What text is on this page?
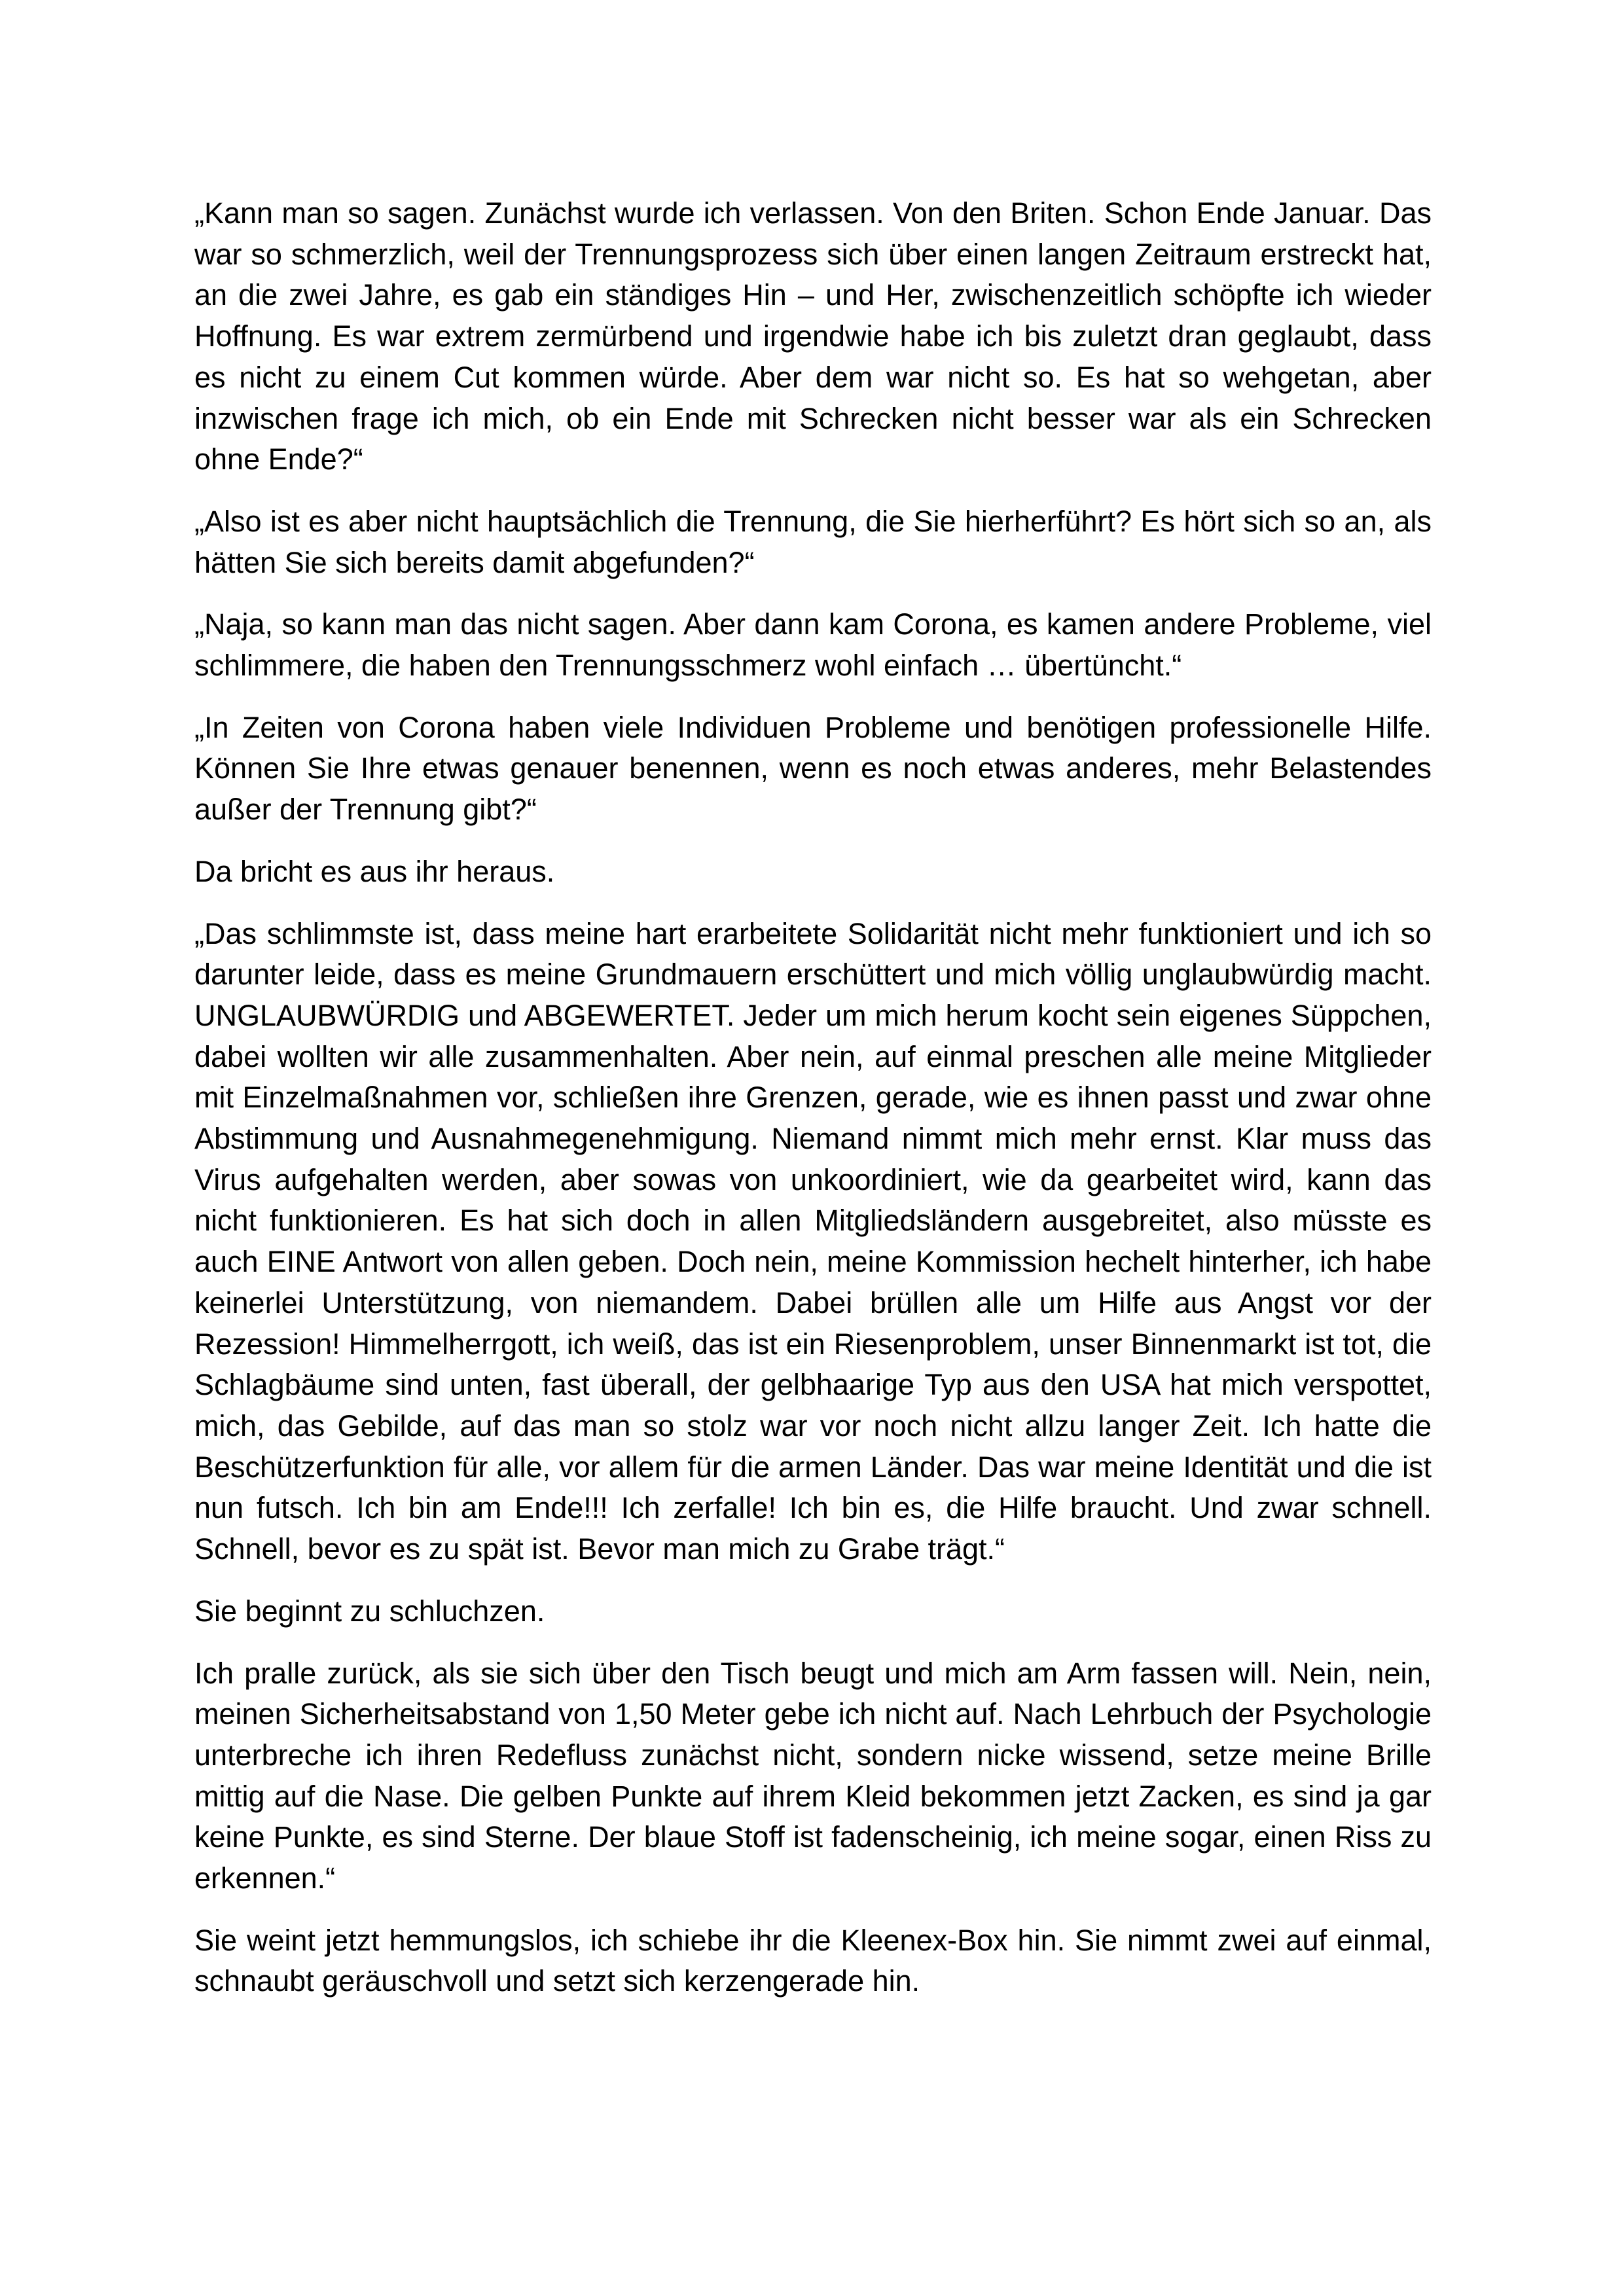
„Kann man so sagen. Zunächst wurde ich verlassen. Von den Briten. Schon Ende Januar. Das war so schmerzlich, weil der Trennungsprozess sich über einen langen Zeitraum erstreckt hat, an die zwei Jahre, es gab ein ständiges Hin – und Her, zwischenzeitlich schöpfte ich wieder Hoffnung. Es war extrem zermürbend und irgendwie habe ich bis zuletzt dran geglaubt, dass es nicht zu einem Cut kommen würde. Aber dem war nicht so. Es hat so wehgetan, aber inzwischen frage ich mich, ob ein Ende mit Schrecken nicht besser war als ein Schrecken ohne Ende?“

„Also ist es aber nicht hauptsächlich die Trennung, die Sie hierherführt? Es hört sich so an, als hätten Sie sich bereits damit abgefunden?“

„Naja, so kann man das nicht sagen. Aber dann kam Corona, es kamen andere Probleme, viel schlimmere, die haben den Trennungsschmerz wohl einfach … übertüncht.“

„In Zeiten von Corona haben viele Individuen Probleme und benötigen professionelle Hilfe. Können Sie Ihre etwas genauer benennen, wenn es noch etwas anderes, mehr Belastendes außer der Trennung gibt?“

Da bricht es aus ihr heraus.

„Das schlimmste ist, dass meine hart erarbeitete Solidarität nicht mehr funktioniert und ich so darunter leide, dass es meine Grundmauern erschüttert und mich völlig unglaubwürdig macht. UNGLAUBWÜRDIG und ABGEWERTET. Jeder um mich herum kocht sein eigenes Süppchen, dabei wollten wir alle zusammenhalten. Aber nein, auf einmal preschen alle meine Mitglieder mit Einzelmaßnahmen vor, schließen ihre Grenzen, gerade, wie es ihnen passt und zwar ohne Abstimmung und Ausnahmegenehmigung. Niemand nimmt mich mehr ernst. Klar muss das Virus aufgehalten werden, aber sowas von unkoordiniert, wie da gearbeitet wird, kann das nicht funktionieren. Es hat sich doch in allen Mitgliedsländern ausgebreitet, also müsste es auch EINE Antwort von allen geben. Doch nein, meine Kommission hechelt hinterher, ich habe keinerlei Unterstützung, von niemandem. Dabei brüllen alle um Hilfe aus Angst vor der Rezession! Himmelherrgott, ich weiß, das ist ein Riesenproblem, unser Binnenmarkt ist tot, die Schlagbäume sind unten, fast überall, der gelbhaarige Typ aus den USA hat mich verspottet, mich, das Gebilde, auf das man so stolz war vor noch nicht allzu langer Zeit. Ich hatte die Beschützerfunktion für alle, vor allem für die armen Länder. Das war meine Identität und die ist nun futsch. Ich bin am Ende!!! Ich zerfalle! Ich bin es, die Hilfe braucht. Und zwar schnell. Schnell, bevor es zu spät ist. Bevor man mich zu Grabe trägt.“

Sie beginnt zu schluchzen.

Ich pralle zurück, als sie sich über den Tisch beugt und mich am Arm fassen will. Nein, nein, meinen Sicherheitsabstand von 1,50 Meter gebe ich nicht auf. Nach Lehrbuch der Psychologie unterbreche ich ihren Redefluss zunächst nicht, sondern nicke wissend, setze meine Brille mittig auf die Nase. Die gelben Punkte auf ihrem Kleid bekommen jetzt Zacken, es sind ja gar keine Punkte, es sind Sterne. Der blaue Stoff ist fadenscheinig, ich meine sogar, einen Riss zu erkennen.“

Sie weint jetzt hemmungslos, ich schiebe ihr die Kleenex-Box hin. Sie nimmt zwei auf einmal, schnaubt geräuschvoll und setzt sich kerzengerade hin.
